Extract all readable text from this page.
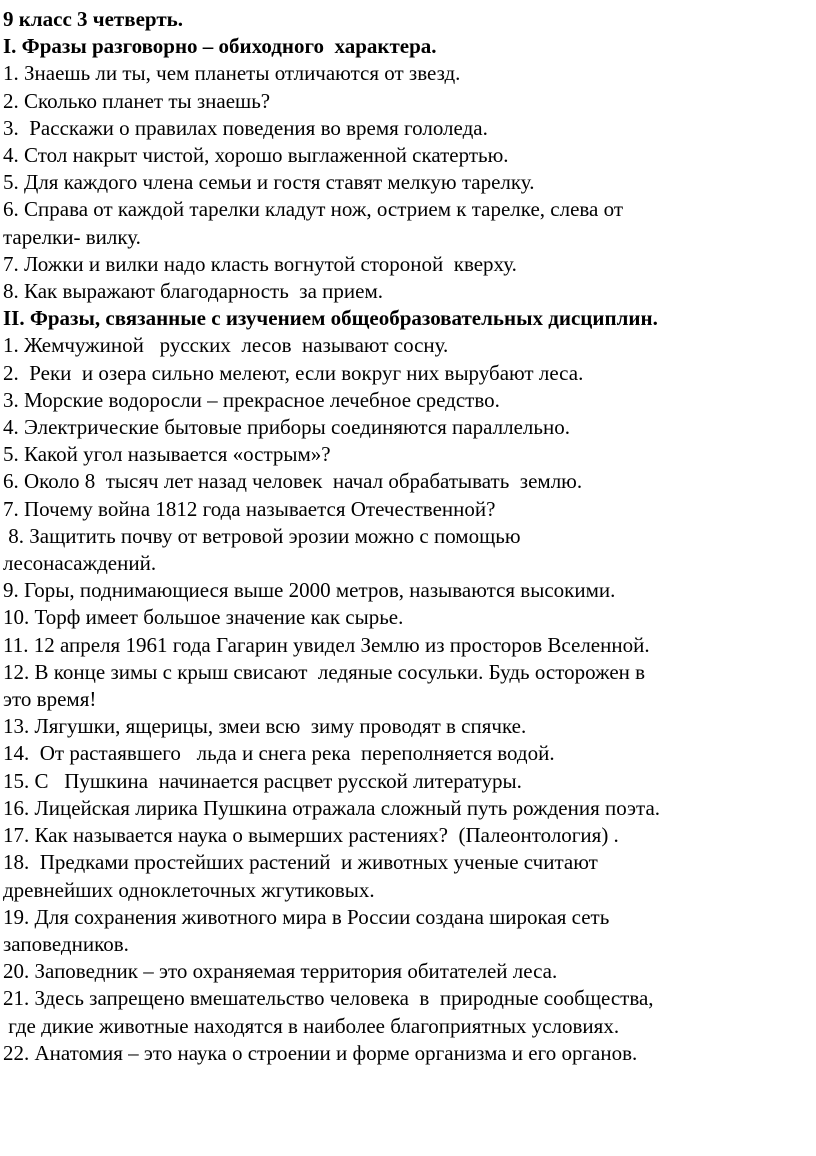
9 класс 3 четверть.
I. Фразы разговорно – обиходного  характера.
1. Знаешь ли ты, чем планеты отличаются от звезд.
2. Сколько планет ты знаешь?
3.  Расскажи о правилах поведения во время гололеда.
4. Стол накрыт чистой, хорошо выглаженной скатертью.
5. Для каждого члена семьи и гостя ставят мелкую тарелку.
6. Справа от каждой тарелки кладут нож, острием к тарелке, слева от
тарелки- вилку.
7. Ложки и вилки надо класть вогнутой стороной  кверху.
8. Как выражают благодарность  за прием.
II. Фразы, связанные с изучением общеобразовательных дисциплин.
1. Жемчужиной   русских  лесов  называют сосну.
2.  Реки  и озера сильно мелеют, если вокруг них вырубают леса.
3. Морские водоросли – прекрасное лечебное средство.
4. Электрические бытовые приборы соединяются параллельно.
5. Какой угол называется «острым»?
6. Около 8  тысяч лет назад человек  начал обрабатывать  землю.
7. Почему война 1812 года называется Отечественной?
8. Защитить почву от ветровой эрозии можно с помощью
лесонасаждений.
9. Горы, поднимающиеся выше 2000 метров, называются высокими.
10. Торф имеет большое значение как сырье.
11. 12 апреля 1961 года Гагарин увидел Землю из просторов Вселенной.
12. В конце зимы с крыш свисают  ледяные сосульки. Будь осторожен в
это время!
13. Лягушки, ящерицы, змеи всю  зиму проводят в спячке.
14.  От растаявшего   льда и снега река  переполняется водой.
15. С   Пушкина  начинается расцвет русской литературы.
16. Лицейская лирика Пушкина отражала сложный путь рождения поэта.
17. Как называется наука о вымерших растениях?  (Палеонтология) .
18.  Предками простейших растений  и животных ученые считают
древнейших одноклеточных жгутиковых.
19. Для сохранения животного мира в России создана широкая сеть
заповедников.
20. Заповедник – это охраняемая территория обитателей леса.
21. Здесь запрещено вмешательство человека  в  природные сообщества,
где дикие животные находятся в наиболее благоприятных условиях.
22. Анатомия – это наука о строении и форме организма и его органов.
